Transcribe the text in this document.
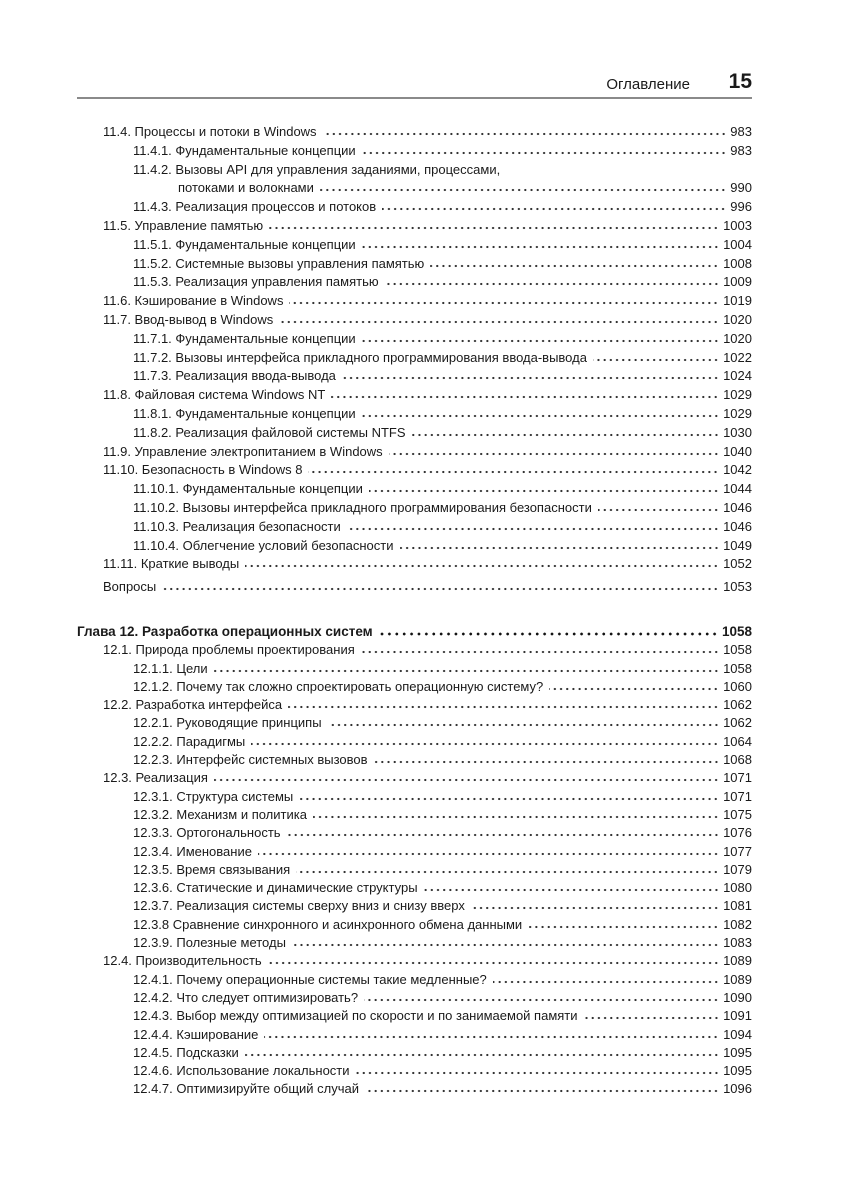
Оглавление 15
11.4. Процессы и потоки в Windows	983
11.4.1. Фундаментальные концепции	983
11.4.2. Вызовы API для управления заданиями, процессами,
потоками и волокнами	990
11.4.3. Реализация процессов и потоков	996
11.5. Управление памятью	1003
11.5.1. Фундаментальные концепции	1004
11.5.2. Системные вызовы управления памятью	1008
11.5.3. Реализация управления памятью	1009
11.6. Кэширование в Windows	1019
11.7. Ввод-вывод в Windows	1020
11.7.1. Фундаментальные концепции	1020
11.7.2. Вызовы интерфейса прикладного программирования ввода-вывода	1022
11.7.3. Реализация ввода-вывода	1024
11.8. Файловая система Windows NT	1029
11.8.1. Фундаментальные концепции	1029
11.8.2. Реализация файловой системы NTFS	1030
11.9. Управление электропитанием в Windows	1040
11.10. Безопасность в Windows 8	1042
11.10.1. Фундаментальные концепции	1044
11.10.2. Вызовы интерфейса прикладного программирования безопасности	1046
11.10.3. Реализация безопасности	1046
11.10.4. Облегчение условий безопасности	1049
11.11. Краткие выводы	1052
Вопросы	1053
Глава 12. Разработка операционных систем	1058
12.1. Природа проблемы проектирования	1058
12.1.1. Цели	1058
12.1.2. Почему так сложно спроектировать операционную систему?	1060
12.2. Разработка интерфейса	1062
12.2.1. Руководящие принципы	1062
12.2.2. Парадигмы	1064
12.2.3. Интерфейс системных вызовов	1068
12.3. Реализация	1071
12.3.1. Структура системы	1071
12.3.2. Механизм и политика	1075
12.3.3. Ортогональность	1076
12.3.4. Именование	1077
12.3.5. Время связывания	1079
12.3.6. Статические и динамические структуры	1080
12.3.7. Реализация системы сверху вниз и снизу вверх	1081
12.3.8 Сравнение синхронного и асинхронного обмена данными	1082
12.3.9. Полезные методы	1083
12.4. Производительность	1089
12.4.1. Почему операционные системы такие медленные?	1089
12.4.2. Что следует оптимизировать?	1090
12.4.3. Выбор между оптимизацией по скорости и по занимаемой памяти	1091
12.4.4. Кэширование	1094
12.4.5. Подсказки	1095
12.4.6. Использование локальности	1095
12.4.7. Оптимизируйте общий случай	1096
